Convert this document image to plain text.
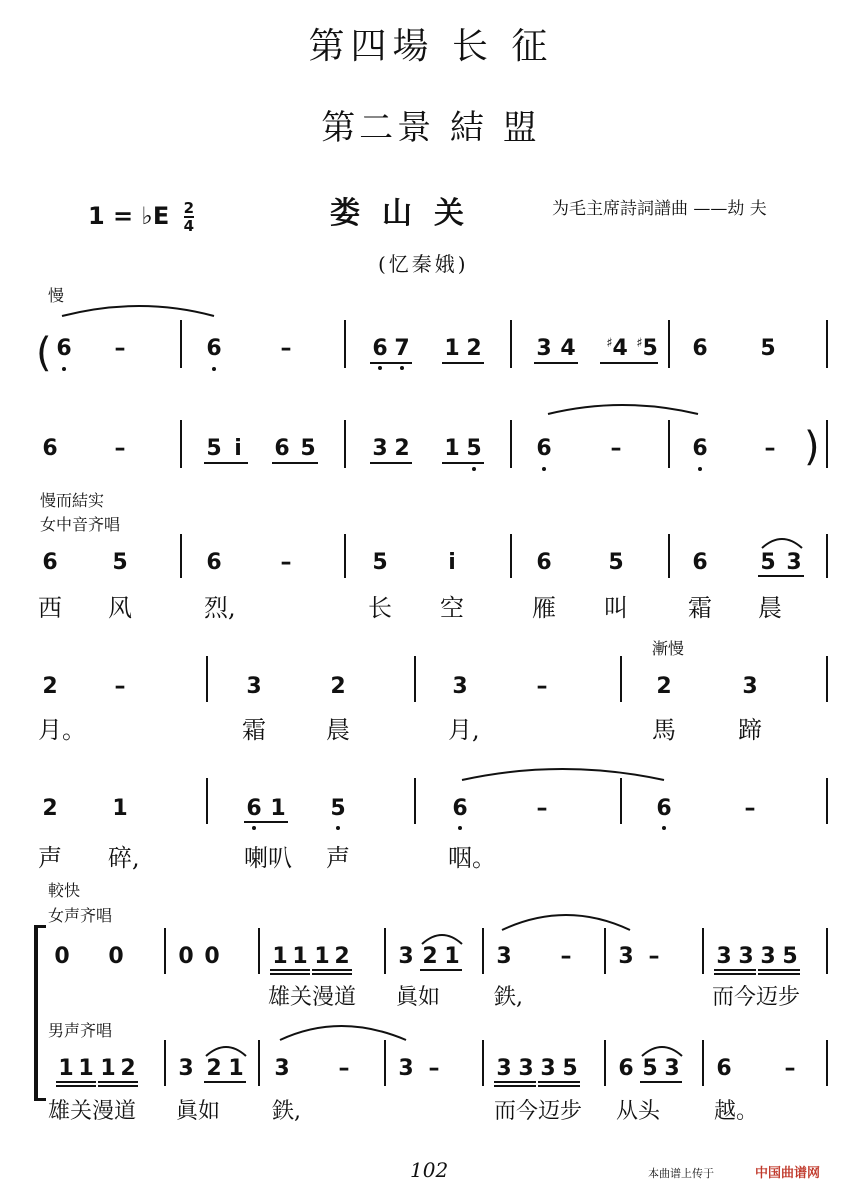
第四場 长 征
第二景 結 盟
1 = ♭E $\frac{2}{4}$	娄山关	为毛主席詩詞譜曲 ——劫 夫
(忆秦娥)
慢
慢而結实
女中音齐唱
漸慢
較快
女声齐唱
男声齐唱
( 6 –	6	–	6 7 1 2 3 4	♯4 ♯5 6 5
6	–	5 i 6 5	3 2 1 5 6	–	6	– )
6 5	6	–	5	i	6	5	6 5 3
西 风	烈,	长 空	雁 叫	霜 晨
2	–	3	2	3	–	2	3
月。	霜	晨	月,	馬	蹄
2 1	6 1 5	6	–	6	–
声 碎,	喇叭 声	咽。
0 0 0 0 1 1 1 2 3 2 1 3 – 3 –	3 3 3 5
雄关漫道 眞如 鉄,	而今迈步
1 1 1 2 3 2 1 3 – 3 –	3 3 3 5 6 5 3 6 –
雄关漫道 眞如 鉄,	而今迈步 从头 越。
102	本曲谱上传于	中国曲谱网
